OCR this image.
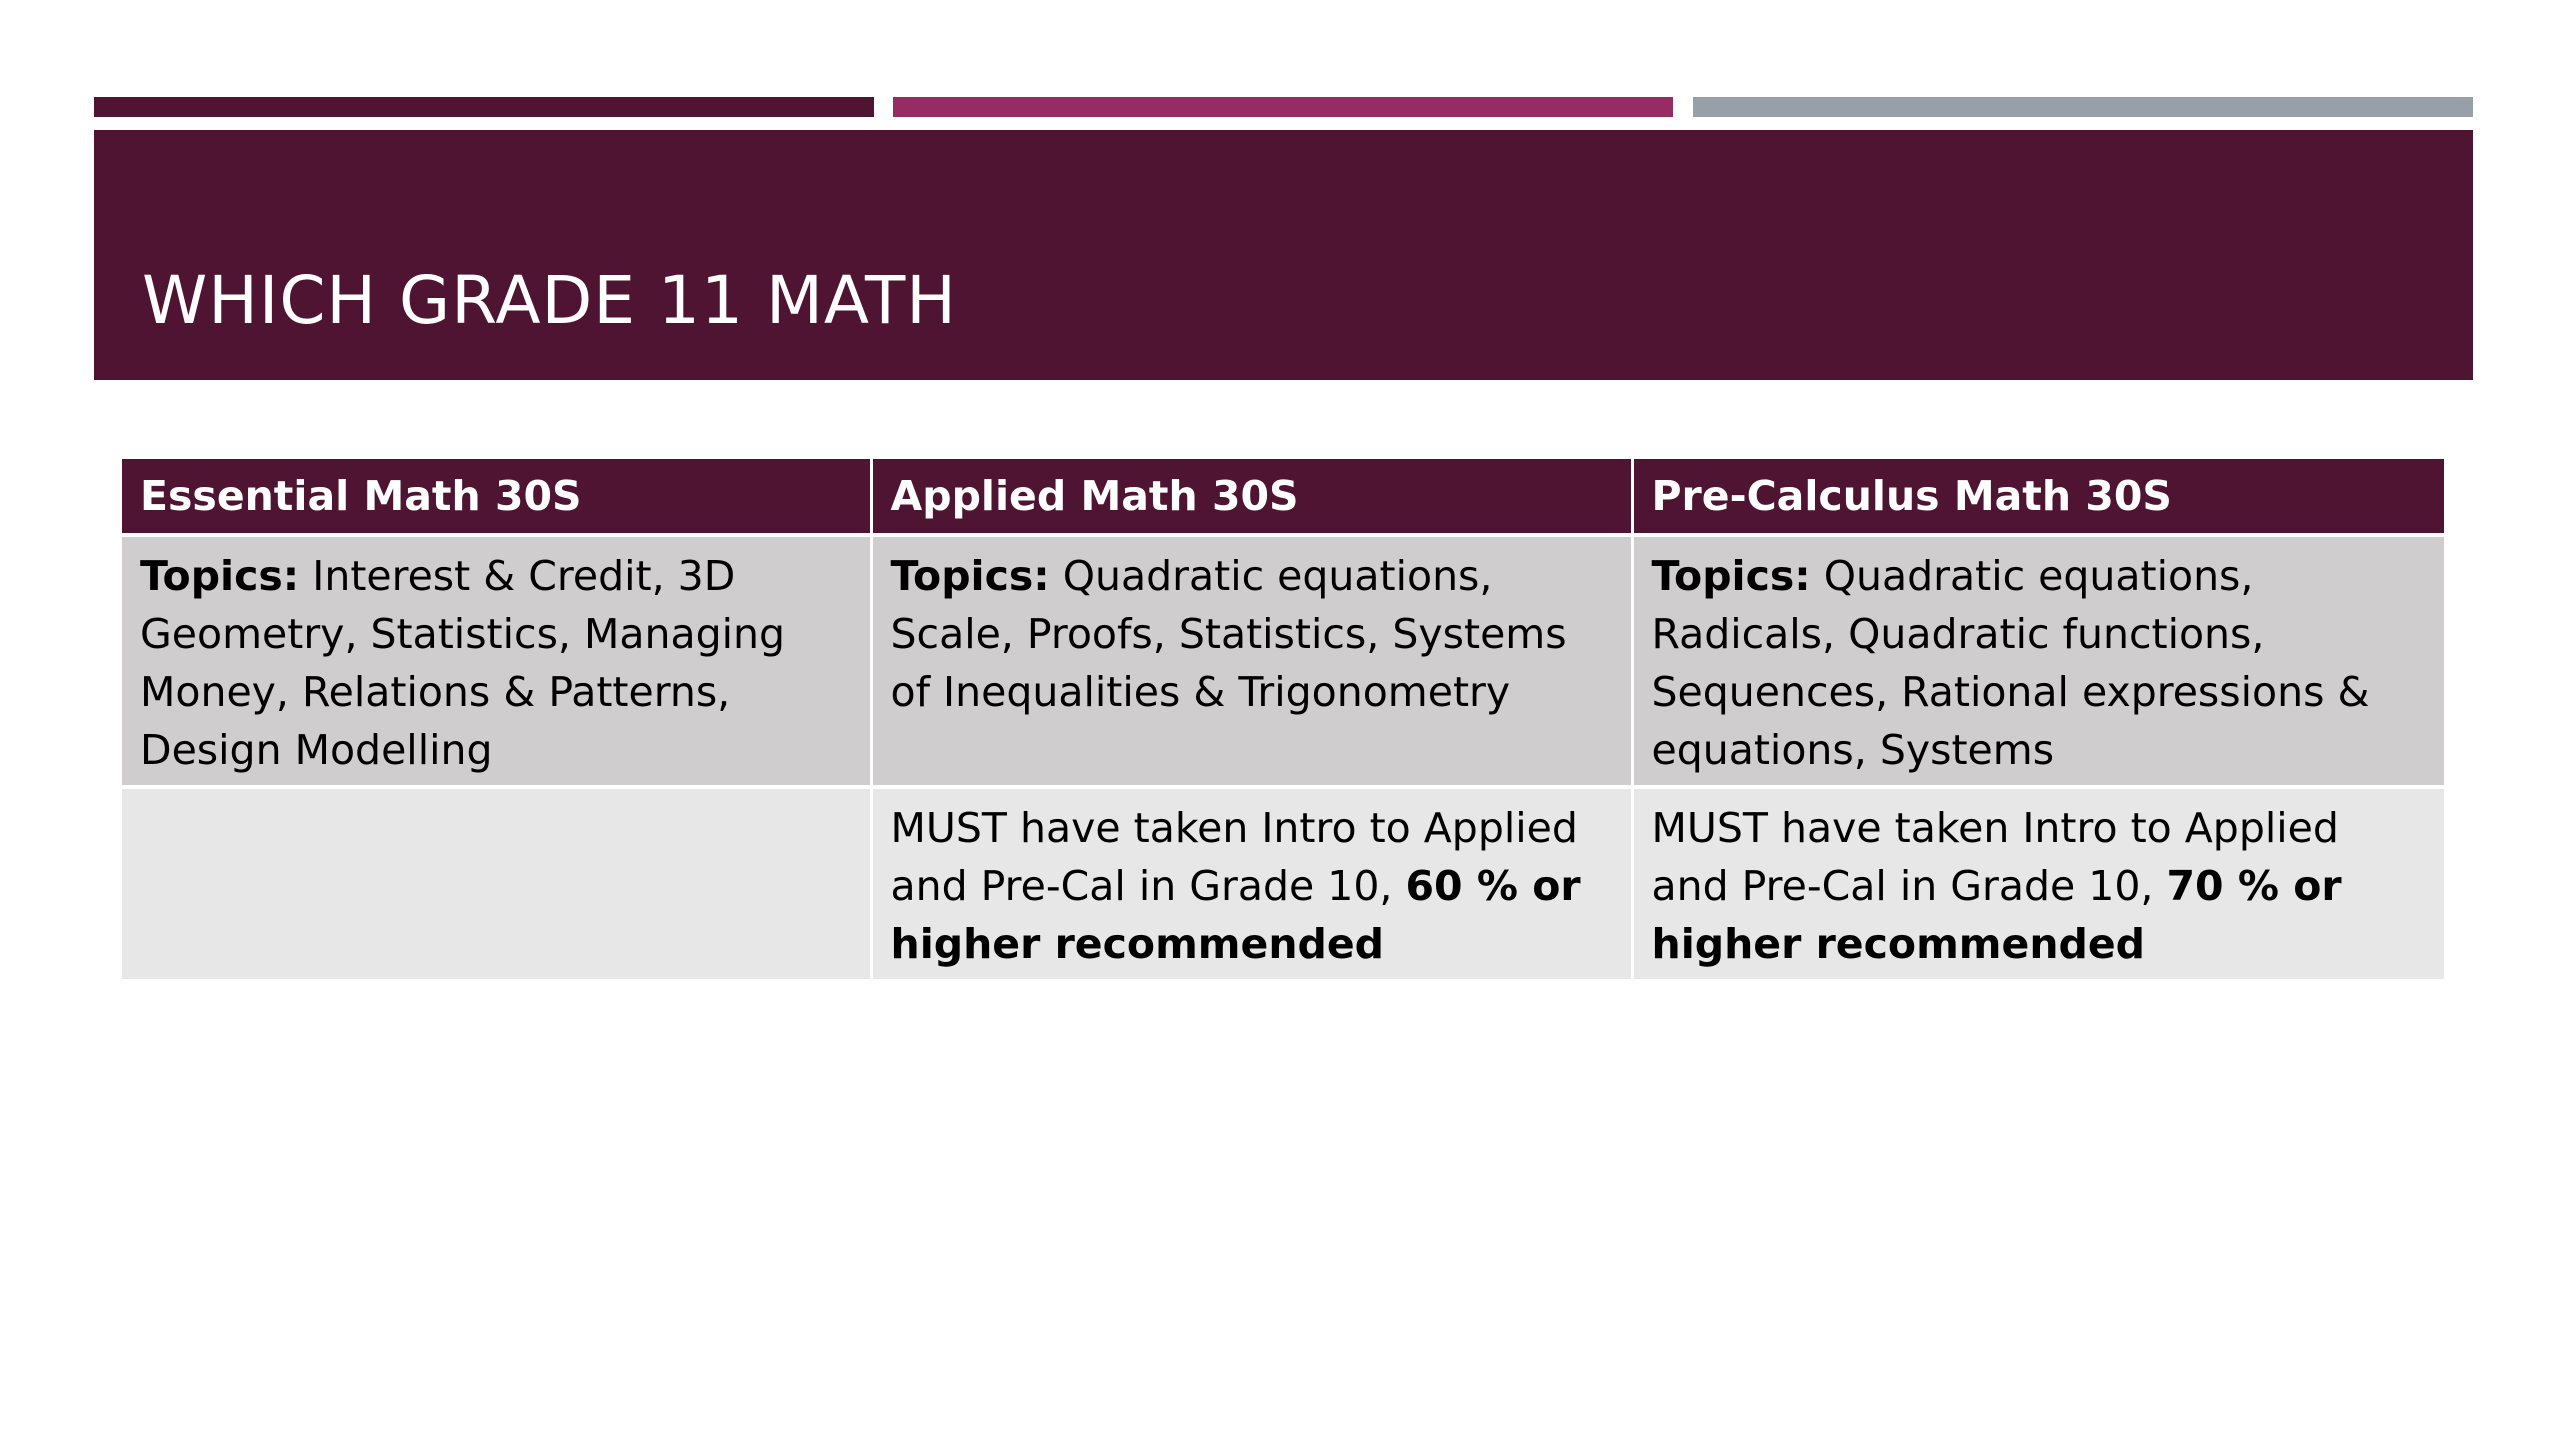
WHICH GRADE 11 MATH
Essential Math 30S	Applied Math 30S	Pre-Calculus Math 30S
Topics: Interest & Credit, 3D Geometry, Statistics, Managing Money, Relations & Patterns, Design Modelling	Topics: Quadratic equations, Scale, Proofs, Statistics, Systems of Inequalities & Trigonometry	Topics: Quadratic equations, Radicals, Quadratic functions, Sequences, Rational expressions & equations, Systems
	MUST have taken Intro to Applied and Pre-Cal in Grade 10, 60 % or higher recommended	MUST have taken Intro to Applied and Pre-Cal in Grade 10, 70 % or higher recommended
